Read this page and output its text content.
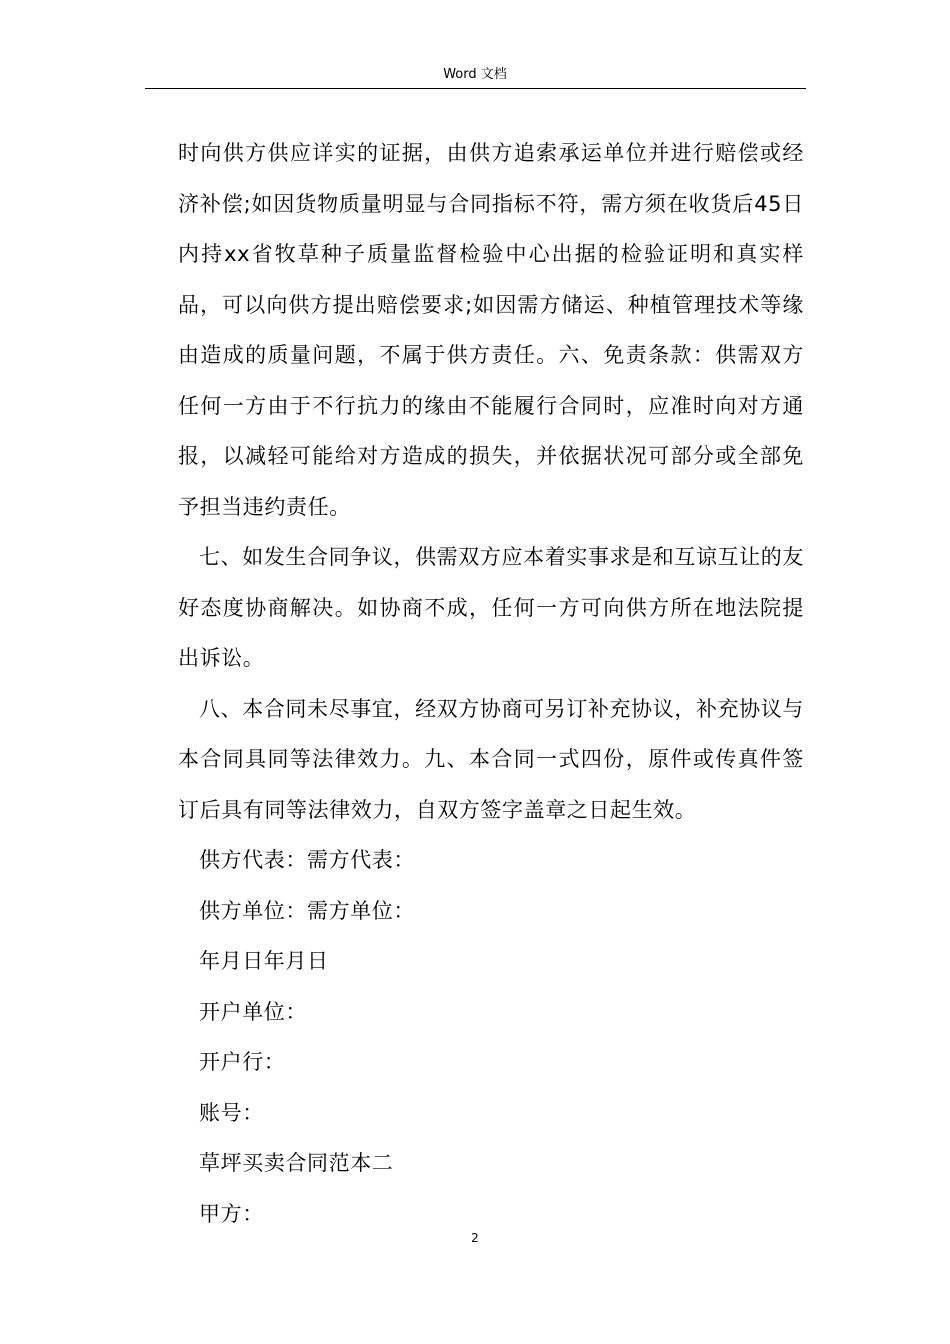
Word 文档

时向供方供应详实的证据，由供方追索承运单位并进行赔偿或经济补偿;如因货物质量明显与合同指标不符，需方须在收货后45日内持xx省牧草种子质量监督检验中心出据的检验证明和真实样品，可以向供方提出赔偿要求;如因需方储运、种植管理技术等缘由造成的质量问题，不属于供方责任。六、免责条款：供需双方任何一方由于不行抗力的缘由不能履行合同时，应准时向对方通报，以减轻可能给对方造成的损失，并依据状况可部分或全部免予担当违约责任。

七、如发生合同争议，供需双方应本着实事求是和互谅互让的友好态度协商解决。如协商不成，任何一方可向供方所在地法院提出诉讼。

八、本合同未尽事宜，经双方协商可另订补充协议，补充协议与本合同具同等法律效力。九、本合同一式四份，原件或传真件签订后具有同等法律效力，自双方签字盖章之日起生效。

供方代表：需方代表：

供方单位：需方单位：

年月日年月日

开户单位：

开户行：

账号：

草坪买卖合同范本二

甲方：

2
